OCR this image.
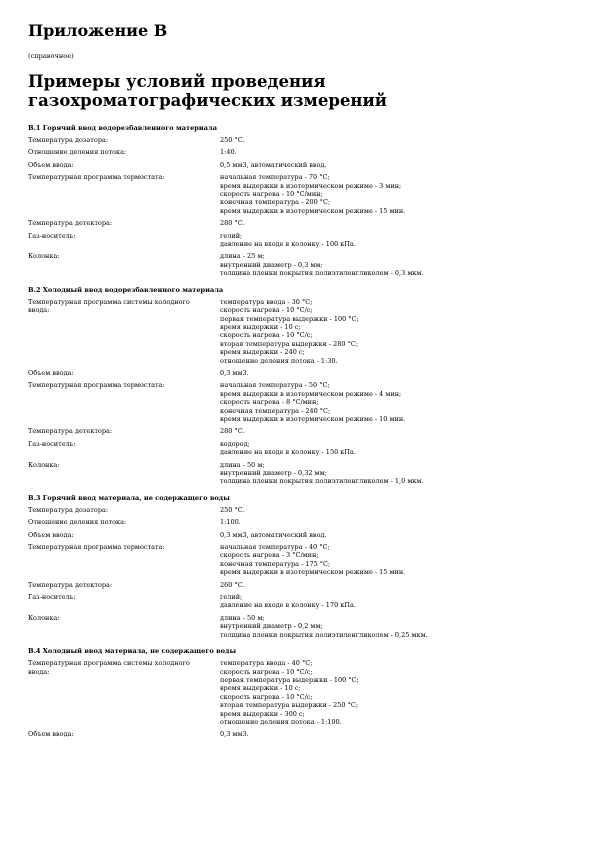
Приложение В
(справочное)
Примеры условий проведения газохроматографических измерений
В.1 Горячий ввод водорезбавленного материала
Температура дозатора:	250 °С.
Отношение деления потока:	1:40.
Объем ввода:	0,5 мм3, автоматический ввод.
Температурная программа термостата:	начальная температура - 70 °С;
время выдержки в изотермическом режиме - 3 мин;
скорость нагрева - 10 °С/мин;
конечная температура - 200 °С;
время выдержки в изотермическом режиме - 15 мин.
Температура детектора:	280 °С.
Газ-носитель:	гелий;
давление на входе в колонку - 100 кПа.
Колонка:	длина - 25 м;
внутренний диаметр - 0,3 мм;
толщина пленки покрытия полиэтиленгликолем - 0,3 мкм.
В.2 Холодный ввод водорезбавленного материала
Температурная программа системы холодного ввода:
температура ввода - 30 °С;
скорость нагрева - 10 °С/с;
первая температура выдержки - 100 °С;
время выдержки - 10 с;
скорость нагрева - 10 °С/с;
вторая температура выдержки - 280 °С;
время выдержки - 240 с;
отношение деления потока - 1:30.
Объем ввода:	0,3 мм3.
Температурная программа термостата:	начальная температура - 50 °С;
время выдержки в изотермическом режиме - 4 мин;
скорость нагрева - 8 °С/мин;
конечная температура - 240 °С;
время выдержки в изотермическом режиме - 10 мин.
Температура детектора:	280 °С.
Газ-носитель:	водород;
давление на входе в колонку - 150 кПа.
Колонка:	длина - 50 м;
внутренний диаметр - 0,32 мм;
толщина пленки покрытия полиэтиленгликолем - 1,0 мкм.
В.3 Горячий ввод материала, не содержащего воды
Температура дозатора:	250 °С.
Отношение деления потока:	1:100.
Объем ввода:	0,3 мм3, автоматический ввод.
Температурная программа термостата:	начальная температура - 40 °С;
скорость нагрева - 3 °С/мин;
конечная температура - 175 °С;
время выдержки в изотермическом режиме - 15 мин.
Температура детектора:	260 °С.
Газ-носитель:	гелий;
давление на входе в колонку - 170 кПа.
Колонка:	длина - 50 м;
внутренний диаметр - 0,2 мм;
толщина пленки покрытия полиэтиленгликолем - 0,25 мкм.
В.4 Холодный ввод материала, не содержащего воды
Температурная программа системы холодного ввода:
температура ввода - 40 °С;
скорость нагрева - 10 °С/с;
первая температура выдержки - 100 °С;
время выдержки - 10 с;
скорость нагрева - 10 °С/с;
вторая температура выдержки - 250 °С;
время выдержки - 300 с;
отношение деления потока - 1:100.
Объем ввода:	0,3 мм3.
